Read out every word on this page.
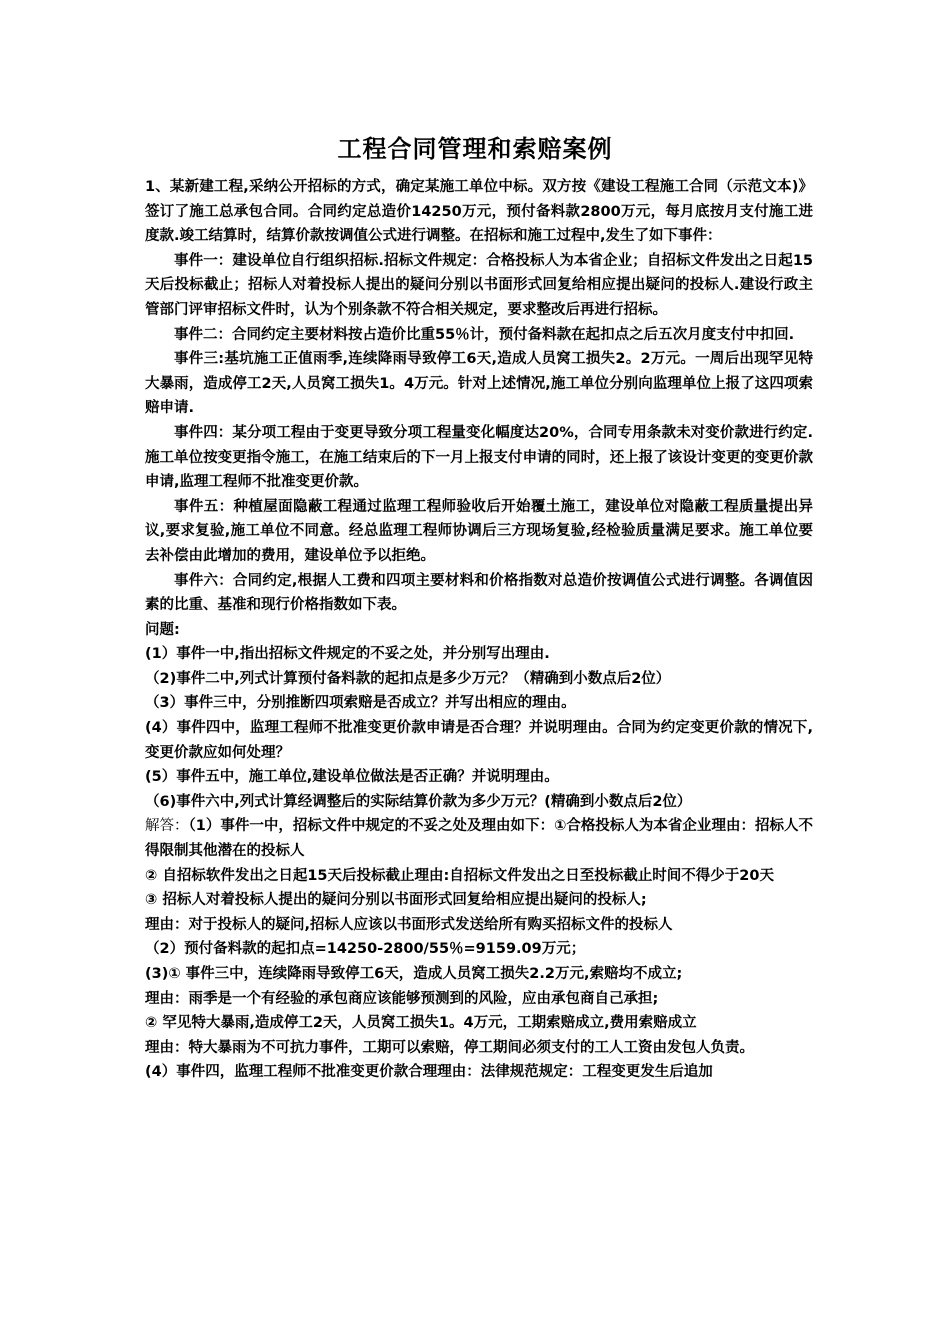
工程合同管理和索赔案例

1、某新建工程,采纳公开招标的方式，确定某施工单位中标。双方按《建设工程施工合同（示范文本)》签订了施工总承包合同。合同约定总造价14250万元，预付备料款2800万元，每月底按月支付施工进度款.竣工结算时，结算价款按调值公式进行调整。在招标和施工过程中,发生了如下事件：

事件一：建设单位自行组织招标.招标文件规定：合格投标人为本省企业；自招标文件发出之日起15天后投标截止；招标人对着投标人提出的疑问分别以书面形式回复给相应提出疑问的投标人.建设行政主管部门评审招标文件时，认为个别条款不符合相关规定，要求整改后再进行招标。

事件二：合同约定主要材料按占造价比重55％计，预付备料款在起扣点之后五次月度支付中扣回.

事件三:基坑施工正值雨季,连续降雨导致停工6天,造成人员窝工损失2。2万元。一周后出现罕见特大暴雨，造成停工2天,人员窝工损失1。4万元。针对上述情况,施工单位分别向监理单位上报了这四项索赔申请.

事件四：某分项工程由于变更导致分项工程量变化幅度达20%，合同专用条款未对变价款进行约定.施工单位按变更指令施工，在施工结束后的下一月上报支付申请的同时，还上报了该设计变更的变更价款申请,监理工程师不批准变更价款。

事件五：种植屋面隐蔽工程通过监理工程师验收后开始覆土施工，建设单位对隐蔽工程质量提出异议,要求复验,施工单位不同意。经总监理工程师协调后三方现场复验,经检验质量满足要求。施工单位要去补偿由此增加的费用，建设单位予以拒绝。

事件六：合同约定,根据人工费和四项主要材料和价格指数对总造价按调值公式进行调整。各调值因素的比重、基准和现行价格指数如下表。

问题:

(1）事件一中,指出招标文件规定的不妥之处，并分别写出理由.

（2)事件二中,列式计算预付备料款的起扣点是多少万元？（精确到小数点后2位）

（3）事件三中，分别推断四项索赔是否成立？并写出相应的理由。

(4）事件四中，监理工程师不批准变更价款申请是否合理？并说明理由。合同为约定变更价款的情况下,变更价款应如何处理？

(5）事件五中，施工单位,建设单位做法是否正确？并说明理由。

（6)事件六中,列式计算经调整后的实际结算价款为多少万元？(精确到小数点后2位）

解答：（1）事件一中，招标文件中规定的不妥之处及理由如下：①合格投标人为本省企业理由：招标人不得限制其他潜在的投标人

② 自招标软件发出之日起15天后投标截止理由:自招标文件发出之日至投标截止时间不得少于20天

③ 招标人对着投标人提出的疑问分别以书面形式回复给相应提出疑问的投标人;

理由：对于投标人的疑问,招标人应该以书面形式发送给所有购买招标文件的投标人

（2）预付备料款的起扣点=14250-2800/55％=9159.09万元；

(3)① 事件三中，连续降雨导致停工6天，造成人员窝工损失2.2万元,索赔均不成立;

理由：雨季是一个有经验的承包商应该能够预测到的风险，应由承包商自己承担;

② 罕见特大暴雨,造成停工2天，人员窝工损失1。4万元，工期索赔成立,费用索赔成立

理由：特大暴雨为不可抗力事件，工期可以索赔，停工期间必须支付的工人工资由发包人负责。

(4）事件四，监理工程师不批准变更价款合理理由：法律规范规定：工程变更发生后追加
